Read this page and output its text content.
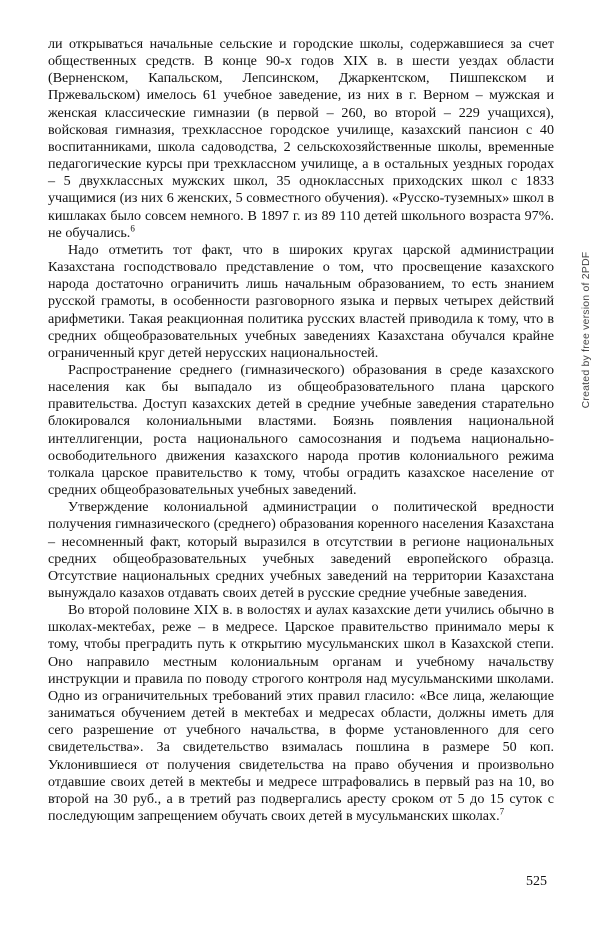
ли открываться начальные сельские и городские школы, содержавшиеся за счет общественных средств. В конце 90-х годов XIX в. в шести уездах области (Верненском, Капальском, Лепсинском, Джаркентском, Пишпекском и Пржевальском) имелось 61 учебное заведение, из них в г. Верном – мужская и женская классические гимназии (в первой – 260, во второй – 229 учащихся), войсковая гимназия, трехклассное городское училище, казахский пансион с 40 воспитанниками, школа садоводства, 2 сельскохозяйственные школы, временные педагогические курсы при трехклассном училище, а в остальных уездных городах – 5 двухклассных мужских школ, 35 одноклассных приходских школ с 1833 учащимися (из них 6 женских, 5 совместного обучения). «Русско-туземных» школ в кишлаках было совсем немного. В 1897 г. из 89 110 детей школьного возраста 97%. не обучались.$^6$

Надо отметить тот факт, что в широких кругах царской администрации Казахстана господствовало представление о том, что просвещение казахского народа достаточно ограничить лишь начальным образованием, то есть знанием русской грамоты, в особенности разговорного языка и первых четырех действий арифметики. Такая реакционная политика русских властей приводила к тому, что в средних общеобразовательных учебных заведениях Казахстана обучался крайне ограниченный круг детей нерусских национальностей.

Распространение среднего (гимназического) образования в среде казахского населения как бы выпадало из общеобразовательного плана царского правительства. Доступ казахских детей в средние учебные заведения старательно блокировался колониальными властями. Боязнь появления национальной интеллигенции, роста национального самосознания и подъема национально-освободительного движения казахского народа против колониального режима толкала царское правительство к тому, чтобы оградить казахское население от средних общеобразовательных учебных заведений.

Утверждение колониальной администрации о политической вредности получения гимназического (среднего) образования коренного населения Казахстана – несомненный факт, который выразился в отсутствии в регионе национальных средних общеобразовательных учебных заведений европейского образца. Отсутствие национальных средних учебных заведений на территории Казахстана вынуждало казахов отдавать своих детей в русские средние учебные заведения.

Во второй половине XIX в. в волостях и аулах казахские дети учились обычно в школах-мектебах, реже – в медресе. Царское правительство принимало меры к тому, чтобы преградить путь к открытию мусульманских школ в Казахской степи. Оно направило местным колониальным органам и учебному начальству инструкции и правила по поводу строгого контроля над мусульманскими школами. Одно из ограничительных требований этих правил гласило: «Все лица, желающие заниматься обучением детей в мектебах и медресах области, должны иметь для сего разрешение от учебного начальства, в форме установленного для сего свидетельства». За свидетельство взималась пошлина в размере 50 коп. Уклонившиеся от получения свидетельства на право обучения и произвольно отдавшие своих детей в мектебы и медресе штрафовались в первый раз на 10, во второй на 30 руб., а в третий раз подвергались аресту сроком от 5 до 15 суток с последующим запрещением обучать своих детей в мусульманских школах.$^7$

525
Created by free version of 2PDF
